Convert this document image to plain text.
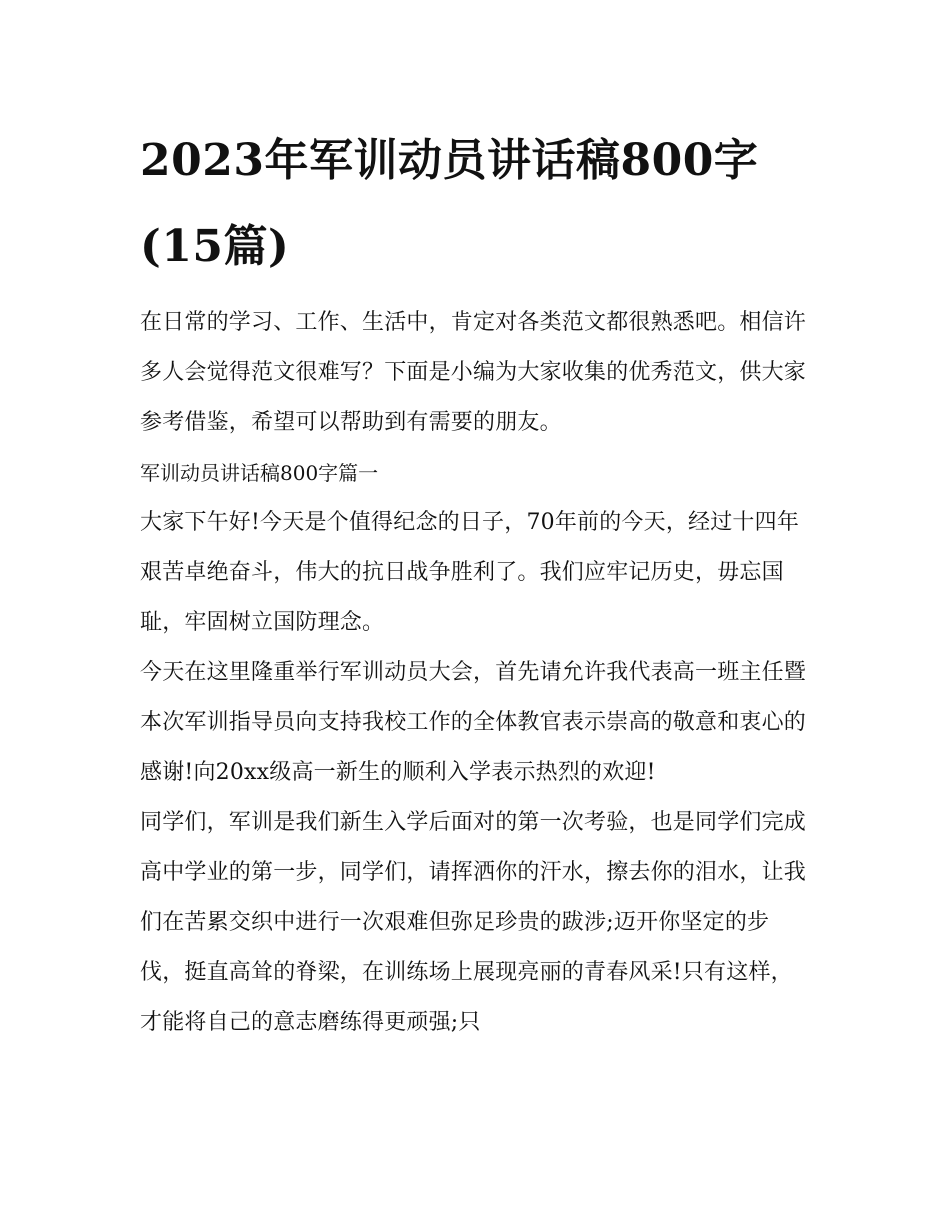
2023年军训动员讲话稿800字(15篇)

在日常的学习、工作、生活中，肯定对各类范文都很熟悉吧。相信许多人会觉得范文很难写？下面是小编为大家收集的优秀范文，供大家参考借鉴，希望可以帮助到有需要的朋友。

军训动员讲话稿800字篇一

大家下午好!今天是个值得纪念的日子，70年前的今天，经过十四年艰苦卓绝奋斗，伟大的抗日战争胜利了。我们应牢记历史，毋忘国耻，牢固树立国防理念。

今天在这里隆重举行军训动员大会，首先请允许我代表高一班主任暨本次军训指导员向支持我校工作的全体教官表示崇高的敬意和衷心的感谢!向20xx级高一新生的顺利入学表示热烈的欢迎!

同学们，军训是我们新生入学后面对的第一次考验，也是同学们完成高中学业的第一步，同学们，请挥洒你的汗水，擦去你的泪水，让我们在苦累交织中进行一次艰难但弥足珍贵的跋涉;迈开你坚定的步伐，挺直高耸的脊梁，在训练场上展现亮丽的青春风采!只有这样，才能将自己的意志磨练得更顽强;只
